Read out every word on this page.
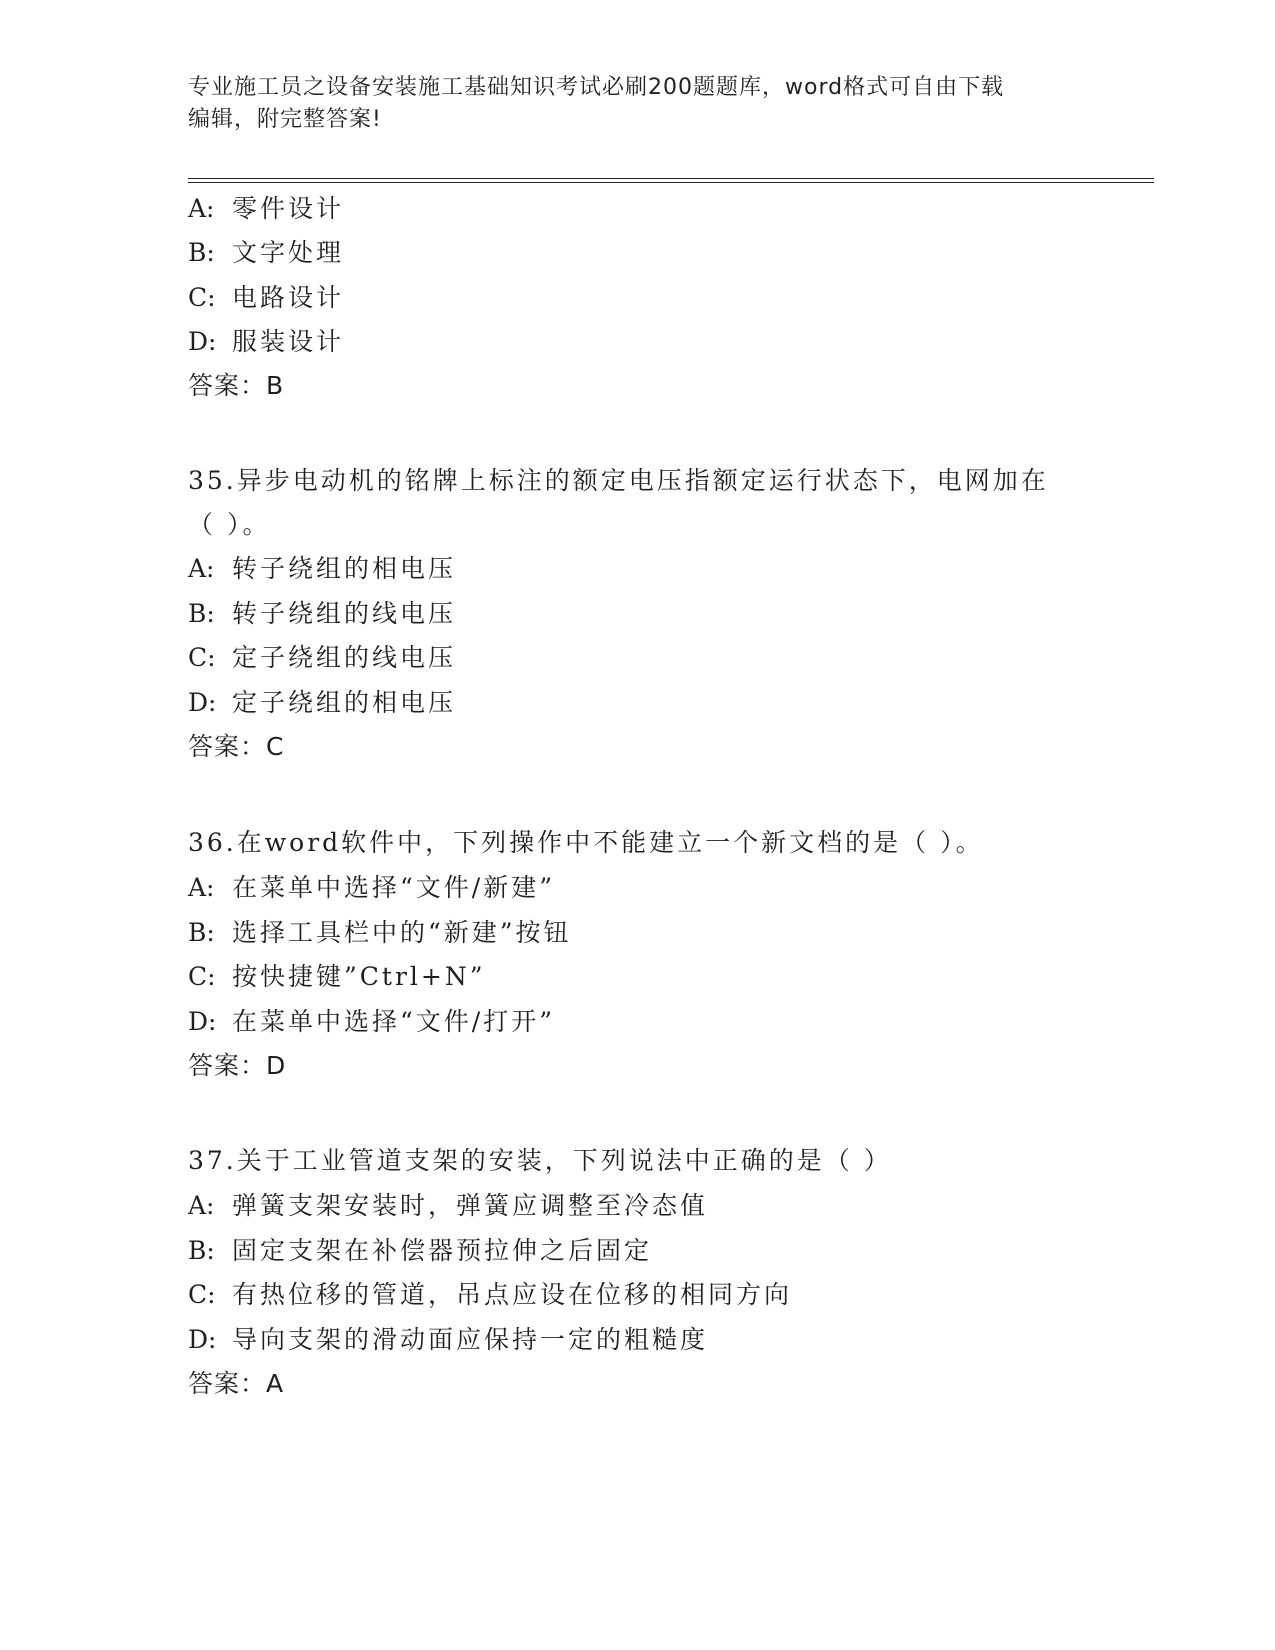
专业施工员之设备安装施工基础知识考试必刷200题题库，word格式可自由下载
编辑，附完整答案!
A: 零件设计
B: 文字处理
C: 电路设计
D: 服装设计
答案：B
35.异步电动机的铭牌上标注的额定电压指额定运行状态下，电网加在
（ ）。
A: 转子绕组的相电压
B: 转子绕组的线电压
C: 定子绕组的线电压
D: 定子绕组的相电压
答案：C
36.在word软件中，下列操作中不能建立一个新文档的是（ ）。
A: 在菜单中选择“文件/新建”
B: 选择工具栏中的“新建”按钮
C: 按快捷键”Ctrl+N”
D: 在菜单中选择“文件/打开”
答案：D
37.关于工业管道支架的安装，下列说法中正确的是（ ）
A: 弹簧支架安装时，弹簧应调整至冷态值
B: 固定支架在补偿器预拉伸之后固定
C: 有热位移的管道，吊点应设在位移的相同方向
D: 导向支架的滑动面应保持一定的粗糙度
答案：A
